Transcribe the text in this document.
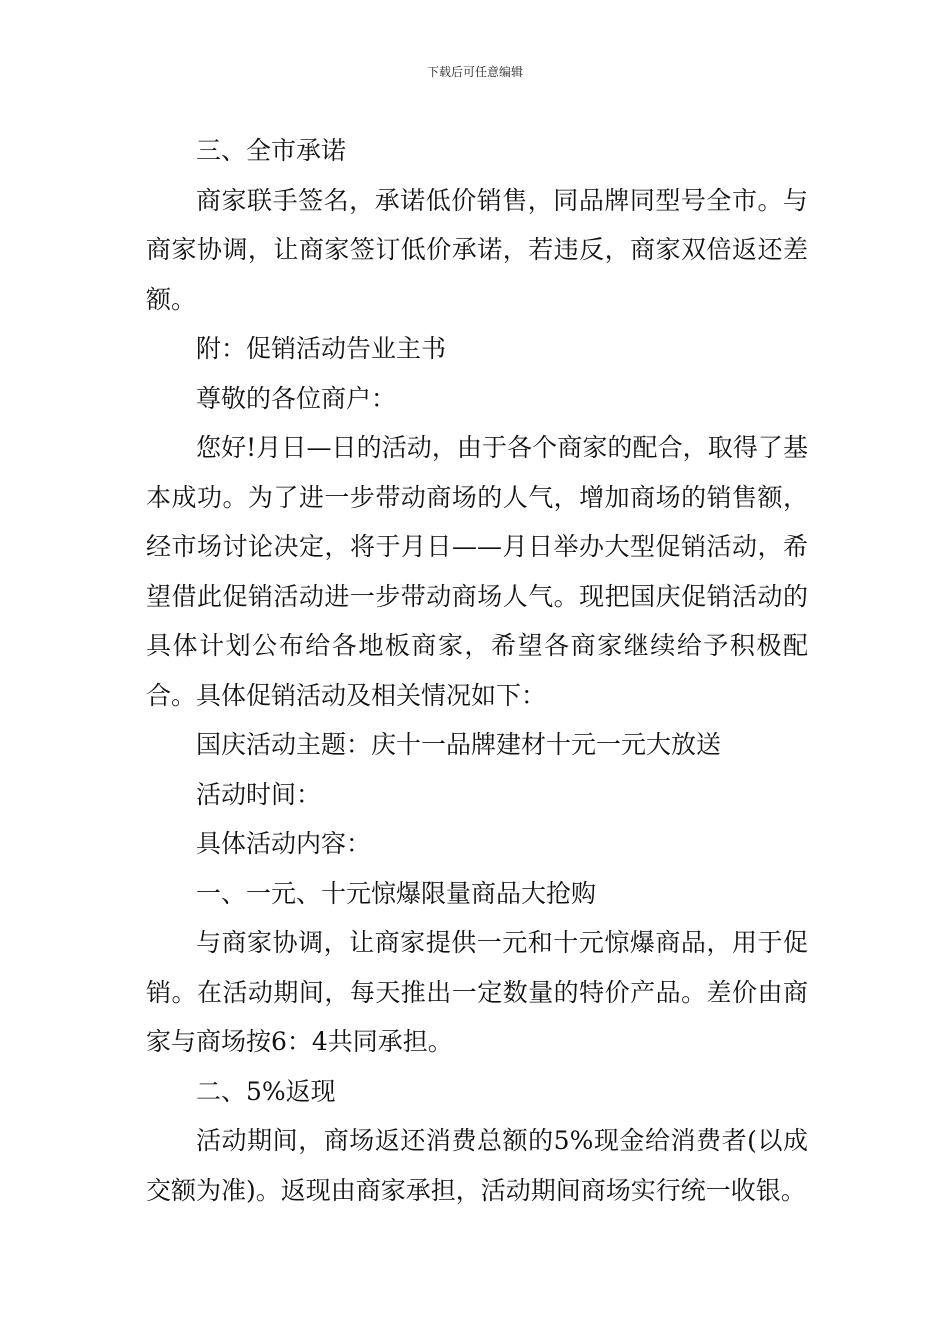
下载后可任意编辑

三、全市承诺

商家联手签名，承诺低价销售，同品牌同型号全市。与商家协调，让商家签订低价承诺，若违反，商家双倍返还差额。

附：促销活动告业主书

尊敬的各位商户：

您好!月日—日的活动，由于各个商家的配合，取得了基本成功。为了进一步带动商场的人气，增加商场的销售额，经市场讨论决定，将于月日——月日举办大型促销活动，希望借此促销活动进一步带动商场人气。现把国庆促销活动的具体计划公布给各地板商家，希望各商家继续给予积极配合。具体促销活动及相关情况如下：

国庆活动主题：庆十一品牌建材十元一元大放送

活动时间：

具体活动内容：

一、一元、十元惊爆限量商品大抢购

与商家协调，让商家提供一元和十元惊爆商品，用于促销。在活动期间，每天推出一定数量的特价产品。差价由商家与商场按6：4共同承担。

二、5%返现

活动期间，商场返还消费总额的5%现金给消费者(以成交额为准)。返现由商家承担，活动期间商场实行统一收银。
